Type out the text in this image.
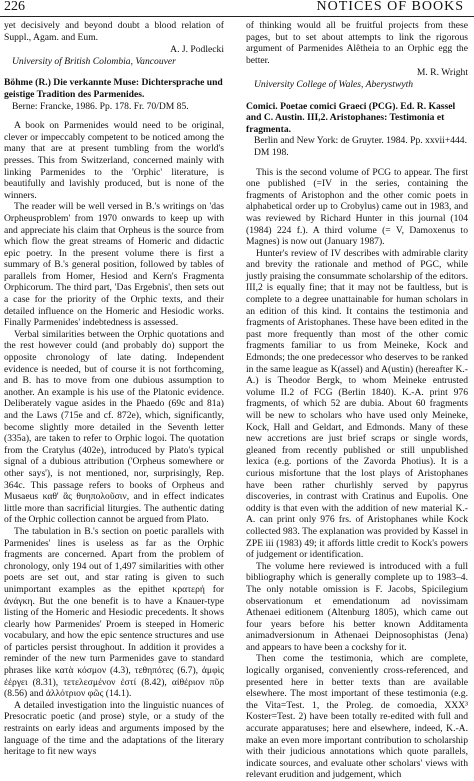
226	NOTICES OF BOOKS

yet decisively and beyond doubt a blood relation of Suppl., Agam. and Eum.

A. J. Podlecki
University of British Colombia, Vancouver
Böhme (R.) Die verkannte Muse: Dichtersprache und geistige Tradition des Parmenides.
Berne: Francke, 1986. Pp. 178. Fr. 70/DM 85.

A book on Parmenides would need to be original, clever or impeccably competent to be noticed among the many that are at present tumbling from the world's presses. This from Switzerland, concerned mainly with linking Parmenides to the 'Orphic' literature, is beautifully and lavishly produced, but is none of the winners.

The reader will be well versed in B.'s writings on 'das Orpheusproblem' from 1970 onwards to keep up with and appreciate his claim that Orpheus is the source from which flow the great streams of Homeric and didactic epic poetry. In the present volume there is first a summary of B.'s general position, followed by tables of parallels from Homer, Hesiod and Kern's Fragmenta Orphicorum. The third part, 'Das Ergebnis', then sets out a case for the priority of the Orphic texts, and their detailed influence on the Homeric and Hesiodic works. Finally Parmenides' indebtedness is assessed.

Verbal similarities between the Orphic quotations and the rest however could (and probably do) support the opposite chronology of late dating. Independent evidence is needed, but of course it is not forthcoming, and B. has to move from one dubious assumption to another. An example is his use of the Platonic evidence. Deliberately vague asides in the Phaedo (69c and 81a) and the Laws (715e and cf. 872e), which, significantly, become slightly more detailed in the Seventh letter (335a), are taken to refer to Orphic logoi. The quotation from the Cratylus (402e), introduced by Plato's typical signal of a dubious attribution ('Orpheus somewhere or other says'), is not mentioned, nor, surprisingly, Rep. 364c. This passage refers to books of Orpheus and Musaeus καθ' ἃς θυηπολοῦσιν, and in effect indicates little more than sacrificial liturgies. The authentic dating of the Orphic collection cannot be argued from Plato.

The tabulation in B.'s section on poetic parallels with Parmenides' lines is useless as far as the Orphic fragments are concerned. Apart from the problem of chronology, only 194 out of 1,497 similarities with other poets are set out, and star rating is given to such unimportant examples as the epithet κρατερή for ἀνάγκη. But the one benefit is to have a Knauer-type listing of the Homeric and Hesiodic precedents. It shows clearly how Parmenides' Proem is steeped in Homeric vocabulary, and how the epic sentence structures and use of particles persist throughout. In addition it provides a reminder of the new turn Parmenides gave to standard phrases like κατὰ κόσμον (4.3), τεθηπότες (6.7), ἀμφὶς ἐέργει (8.31), τετελεσμένον ἐστί (8.42), αἰθέριον πῦρ (8.56) and ἀλλότριον φῶς (14.1).

A detailed investigation into the linguistic nuances of Presocratic poetic (and prose) style, or a study of the restraints on early ideas and arguments imposed by the language of the time and the adaptations of the literary heritage to fit new ways

of thinking would all be fruitful projects from these pages, but to set about attempts to link the rigorous argument of Parmenides Alêtheia to an Orphic egg the better.

M. R. Wright
University College of Wales, Aberystwyth
Comici. Poetae comici Graeci (PCG). Ed. R. Kassel and C. Austin. III,2. Aristophanes: Testimonia et fragmenta.
Berlin and New York: de Gruyter. 1984. Pp. xxvii+444. DM 198.

This is the second volume of PCG to appear. The first one published (=IV in the series, containing the fragments of Aristophon and the other comic poets in alphabetical order up to Crobylus) came out in 1983, and was reviewed by Richard Hunter in this journal (104 (1984) 224 f.). A third volume (= V, Damoxenus to Magnes) is now out (January 1987).

Hunter's review of IV describes with admirable clarity and brevity the rationale and method of PGC, while justly praising the consummate scholarship of the editors. III,2 is equally fine; that it may not be faultless, but is complete to a degree unattainable for human scholars in an edition of this kind. It contains the testimonia and fragments of Aristophanes. These have been edited in the past more frequently than most of the other comic fragments familiar to us from Meineke, Kock and Edmonds; the one predecessor who deserves to be ranked in the same league as K(assel) and A(ustin) (hereafter K.-A.) is Theodor Bergk, to whom Meineke entrusted volume II.2 of FCG (Berlin 1840). K.-A. print 976 fragments, of which 52 are dubia. About 60 fragments will be new to scholars who have used only Meineke, Kock, Hall and Geldart, and Edmonds. Many of these new accretions are just brief scraps or single words, gleaned from recently published or still unpublished lexica (e.g. portions of the Zavorda Photius). It is a curious misfortune that the lost plays of Aristophanes have been rather churlishly served by papyrus discoveries, in contrast with Cratinus and Eupolis. One oddity is that even with the addition of new material K.-A. can print only 976 frs. of Aristophanes while Kock collected 983. The explanation was provided by Kassel in ZPE iii (1983) 49; it affords little credit to Kock's powers of judgement or identification.

The volume here reviewed is introduced with a full bibliography which is generally complete up to 1983–4. The only notable omission is F. Jacobs, Spicilegium observationum et emendationum ad novissimam Athenaei editionem (Altenburg 1805), which came out four years before his better known Additamenta animadversionum in Athenaei Deipnosophistas (Jena) and appears to have been a cockshy for it.

Then come the testimonia, which are complete, logically organised, conveniently cross-referenced, and presented here in better texts than are available elsewhere. The most important of these testimonia (e.g. the Vita=Test. 1, the Proleg. de comoedia, XXX³ Koster=Test. 2) have been totally re-edited with full and accurate apparatuses; here and elsewhere, indeed, K.-A. make an even more important contribution to scholarship with their judicious annotations which quote parallels, indicate sources, and evaluate other scholars' views with relevant erudition and judgement, which
